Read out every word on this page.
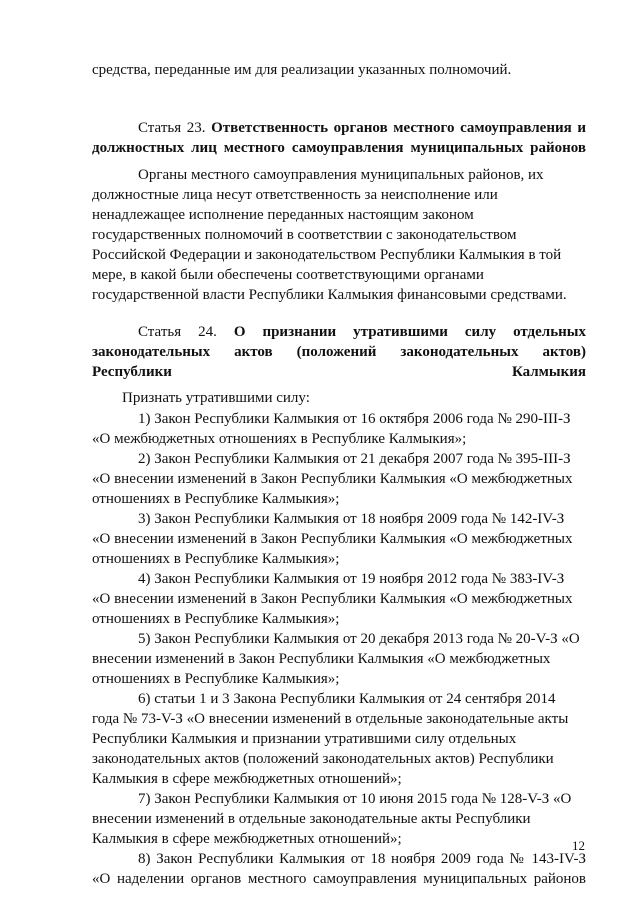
средства, переданные им для реализации указанных полномочий.

Статья 23. Ответственность органов местного самоуправления и должностных лиц местного самоуправления муниципальных районов

Органы местного самоуправления муниципальных районов, их должностные лица несут ответственность за неисполнение или ненадлежащее исполнение переданных настоящим законом государственных полномочий в соответствии с законодательством Российской Федерации и законодательством Республики Калмыкия в той мере, в какой были обеспечены соответствующими органами государственной власти Республики Калмыкия финансовыми средствами.

Статья 24. О признании утратившими силу отдельных законодательных актов (положений законодательных актов) Республики Калмыкия

Признать утратившими силу:

1) Закон Республики Калмыкия от 16 октября 2006 года № 290-III-З «О межбюджетных отношениях в Республике Калмыкия»;

2) Закон Республики Калмыкия от 21 декабря 2007 года № 395-III-З «О внесении изменений в Закон Республики Калмыкия «О межбюджетных отношениях в Республике Калмыкия»;

3) Закон Республики Калмыкия от 18 ноября 2009 года № 142-IV-З «О внесении изменений в Закон Республики Калмыкия «О межбюджетных отношениях в Республике Калмыкия»;

4) Закон Республики Калмыкия от 19 ноября 2012 года № 383-IV-З «О внесении изменений в Закон Республики Калмыкия «О межбюджетных отношениях в Республике Калмыкия»;

5) Закон Республики Калмыкия от 20 декабря 2013 года № 20-V-З «О внесении изменений в Закон Республики Калмыкия «О межбюджетных отношениях в Республике Калмыкия»;

6) статьи 1 и 3 Закона Республики Калмыкия от 24 сентября 2014 года № 73-V-З «О внесении изменений в отдельные законодательные акты Республики Калмыкия и признании утратившими силу отдельных законодательных актов (положений законодательных актов) Республики Калмыкия в сфере межбюджетных отношений»;

7) Закон Республики Калмыкия от 10 июня 2015 года № 128-V-З «О внесении изменений в отдельные законодательные акты Республики Калмыкия в сфере межбюджетных отношений»;

8) Закон Республики Калмыкия от 18 ноября 2009 года № 143-IV-З «О наделении органов местного самоуправления муниципальных районов

12
